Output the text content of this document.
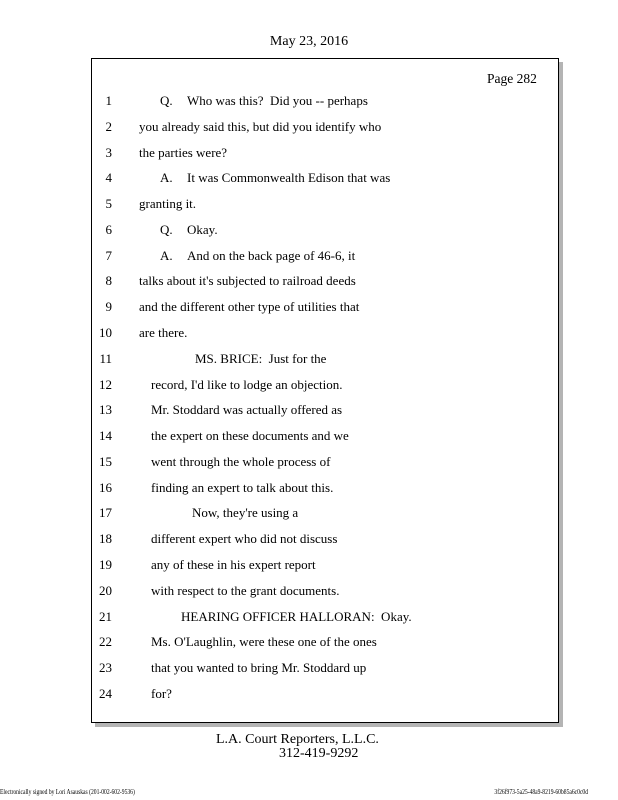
May 23, 2016
Page 282
1	Q. Who was this?  Did you -- perhaps
2 you already said this, but did you identify who
3 the parties were?
4	A. It was Commonwealth Edison that was
5 granting it.
6	Q. Okay.
7	A. And on the back page of 46-6, it
8 talks about it's subjected to railroad deeds
9 and the different other type of utilities that
10 are there.
11	MS. BRICE:  Just for the
12	record, I'd like to lodge an objection.
13	Mr. Stoddard was actually offered as
14	the expert on these documents and we
15	went through the whole process of
16	finding an expert to talk about this.
17	Now, they're using a
18	different expert who did not discuss
19	any of these in his expert report
20	with respect to the grant documents.
21	HEARING OFFICER HALLORAN:  Okay.
22	Ms. O'Laughlin, were these one of the ones
23	that you wanted to bring Mr. Stoddard up
24	for?
L.A. Court Reporters, L.L.C.
312-419-9292
Electronically signed by Lori Asauskas (201-002-602-9536)	3f26f973-5a25-48a9-8219-60b85a6c0c0d
